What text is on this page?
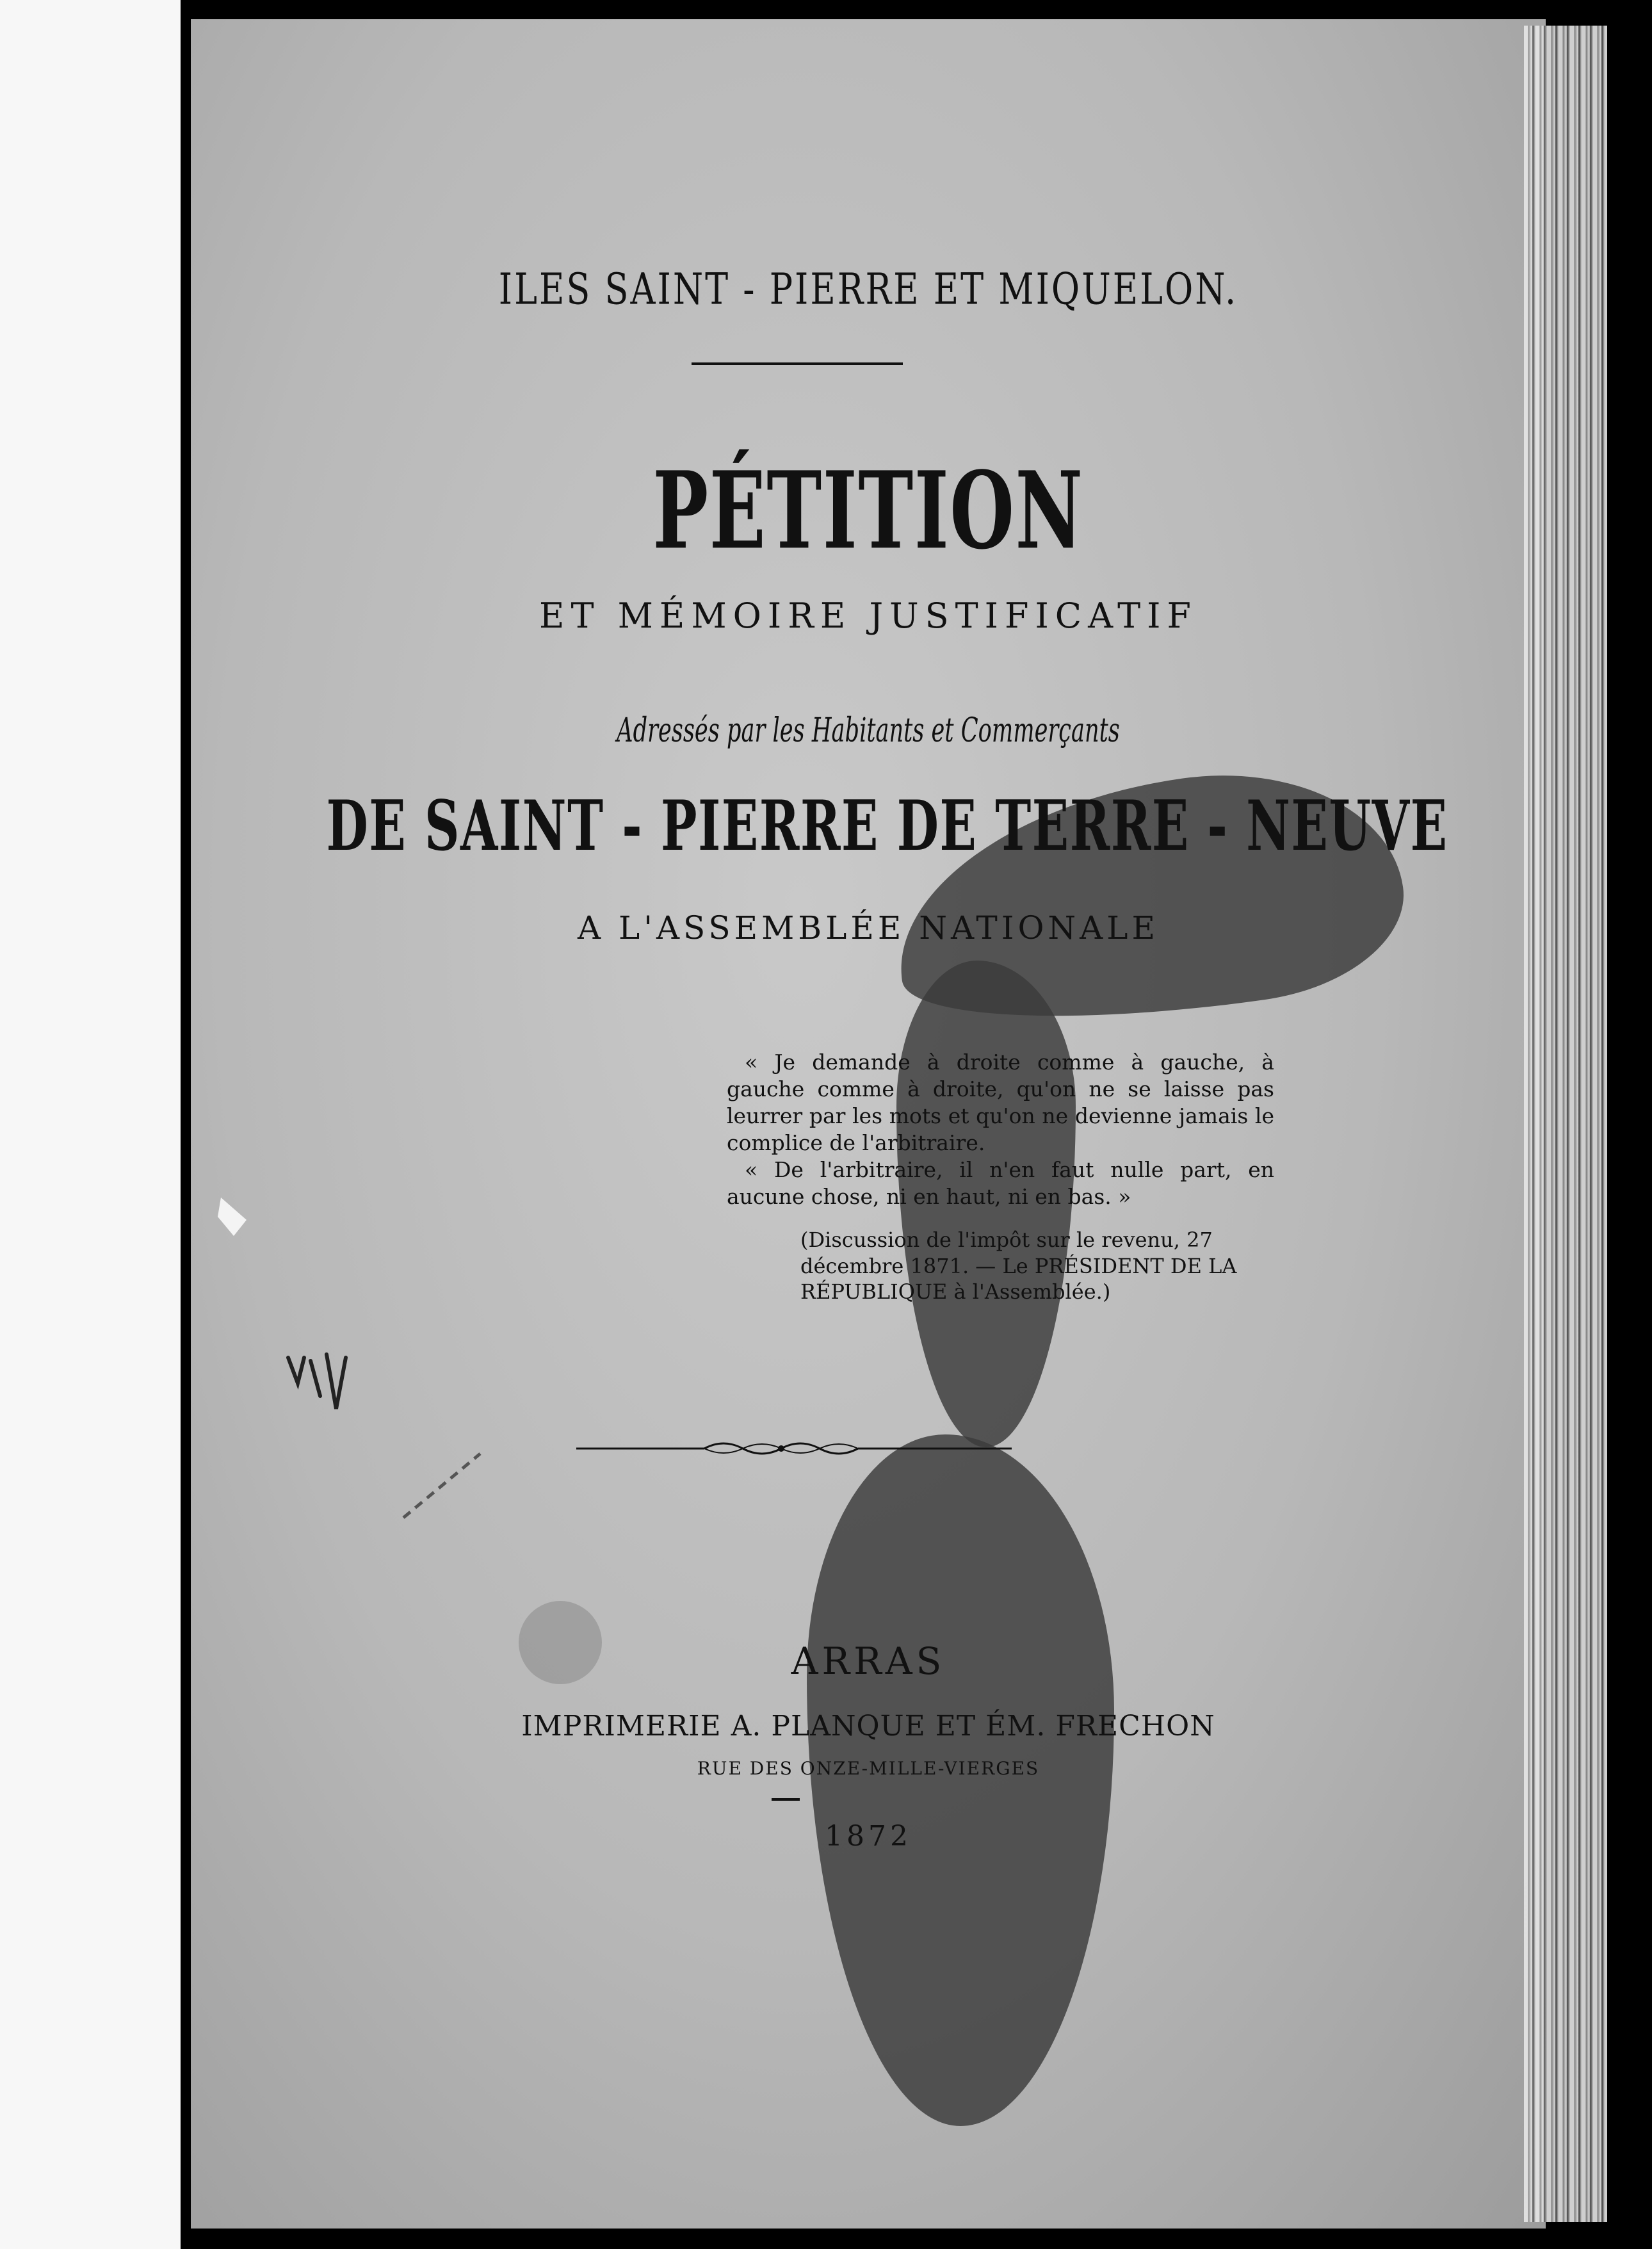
ILES SAINT - PIERRE ET MIQUELON.
PÉTITION
ET MÉMOIRE JUSTIFICATIF
Adressés par les Habitants et Commerçants
DE SAINT - PIERRE DE TERRE - NEUVE
A L'ASSEMBLÉE NATIONALE

« Je demande à droite comme à gauche, à gauche comme à droite, qu'on ne se laisse pas leurrer par les mots et qu'on ne devienne jamais le complice de l'arbitraire.

« De l'arbitraire, il n'en faut nulle part, en aucune chose, ni en haut, ni en bas. »

(Discussion de l'impôt sur le revenu, 27 décembre 1871. — Le PRÉSIDENT DE LA RÉPUBLIQUE à l'Assemblée.)
ARRAS
IMPRIMERIE A. PLANQUE ET ÉM. FRECHON
RUE DES ONZE-MILLE-VIERGES
1872
